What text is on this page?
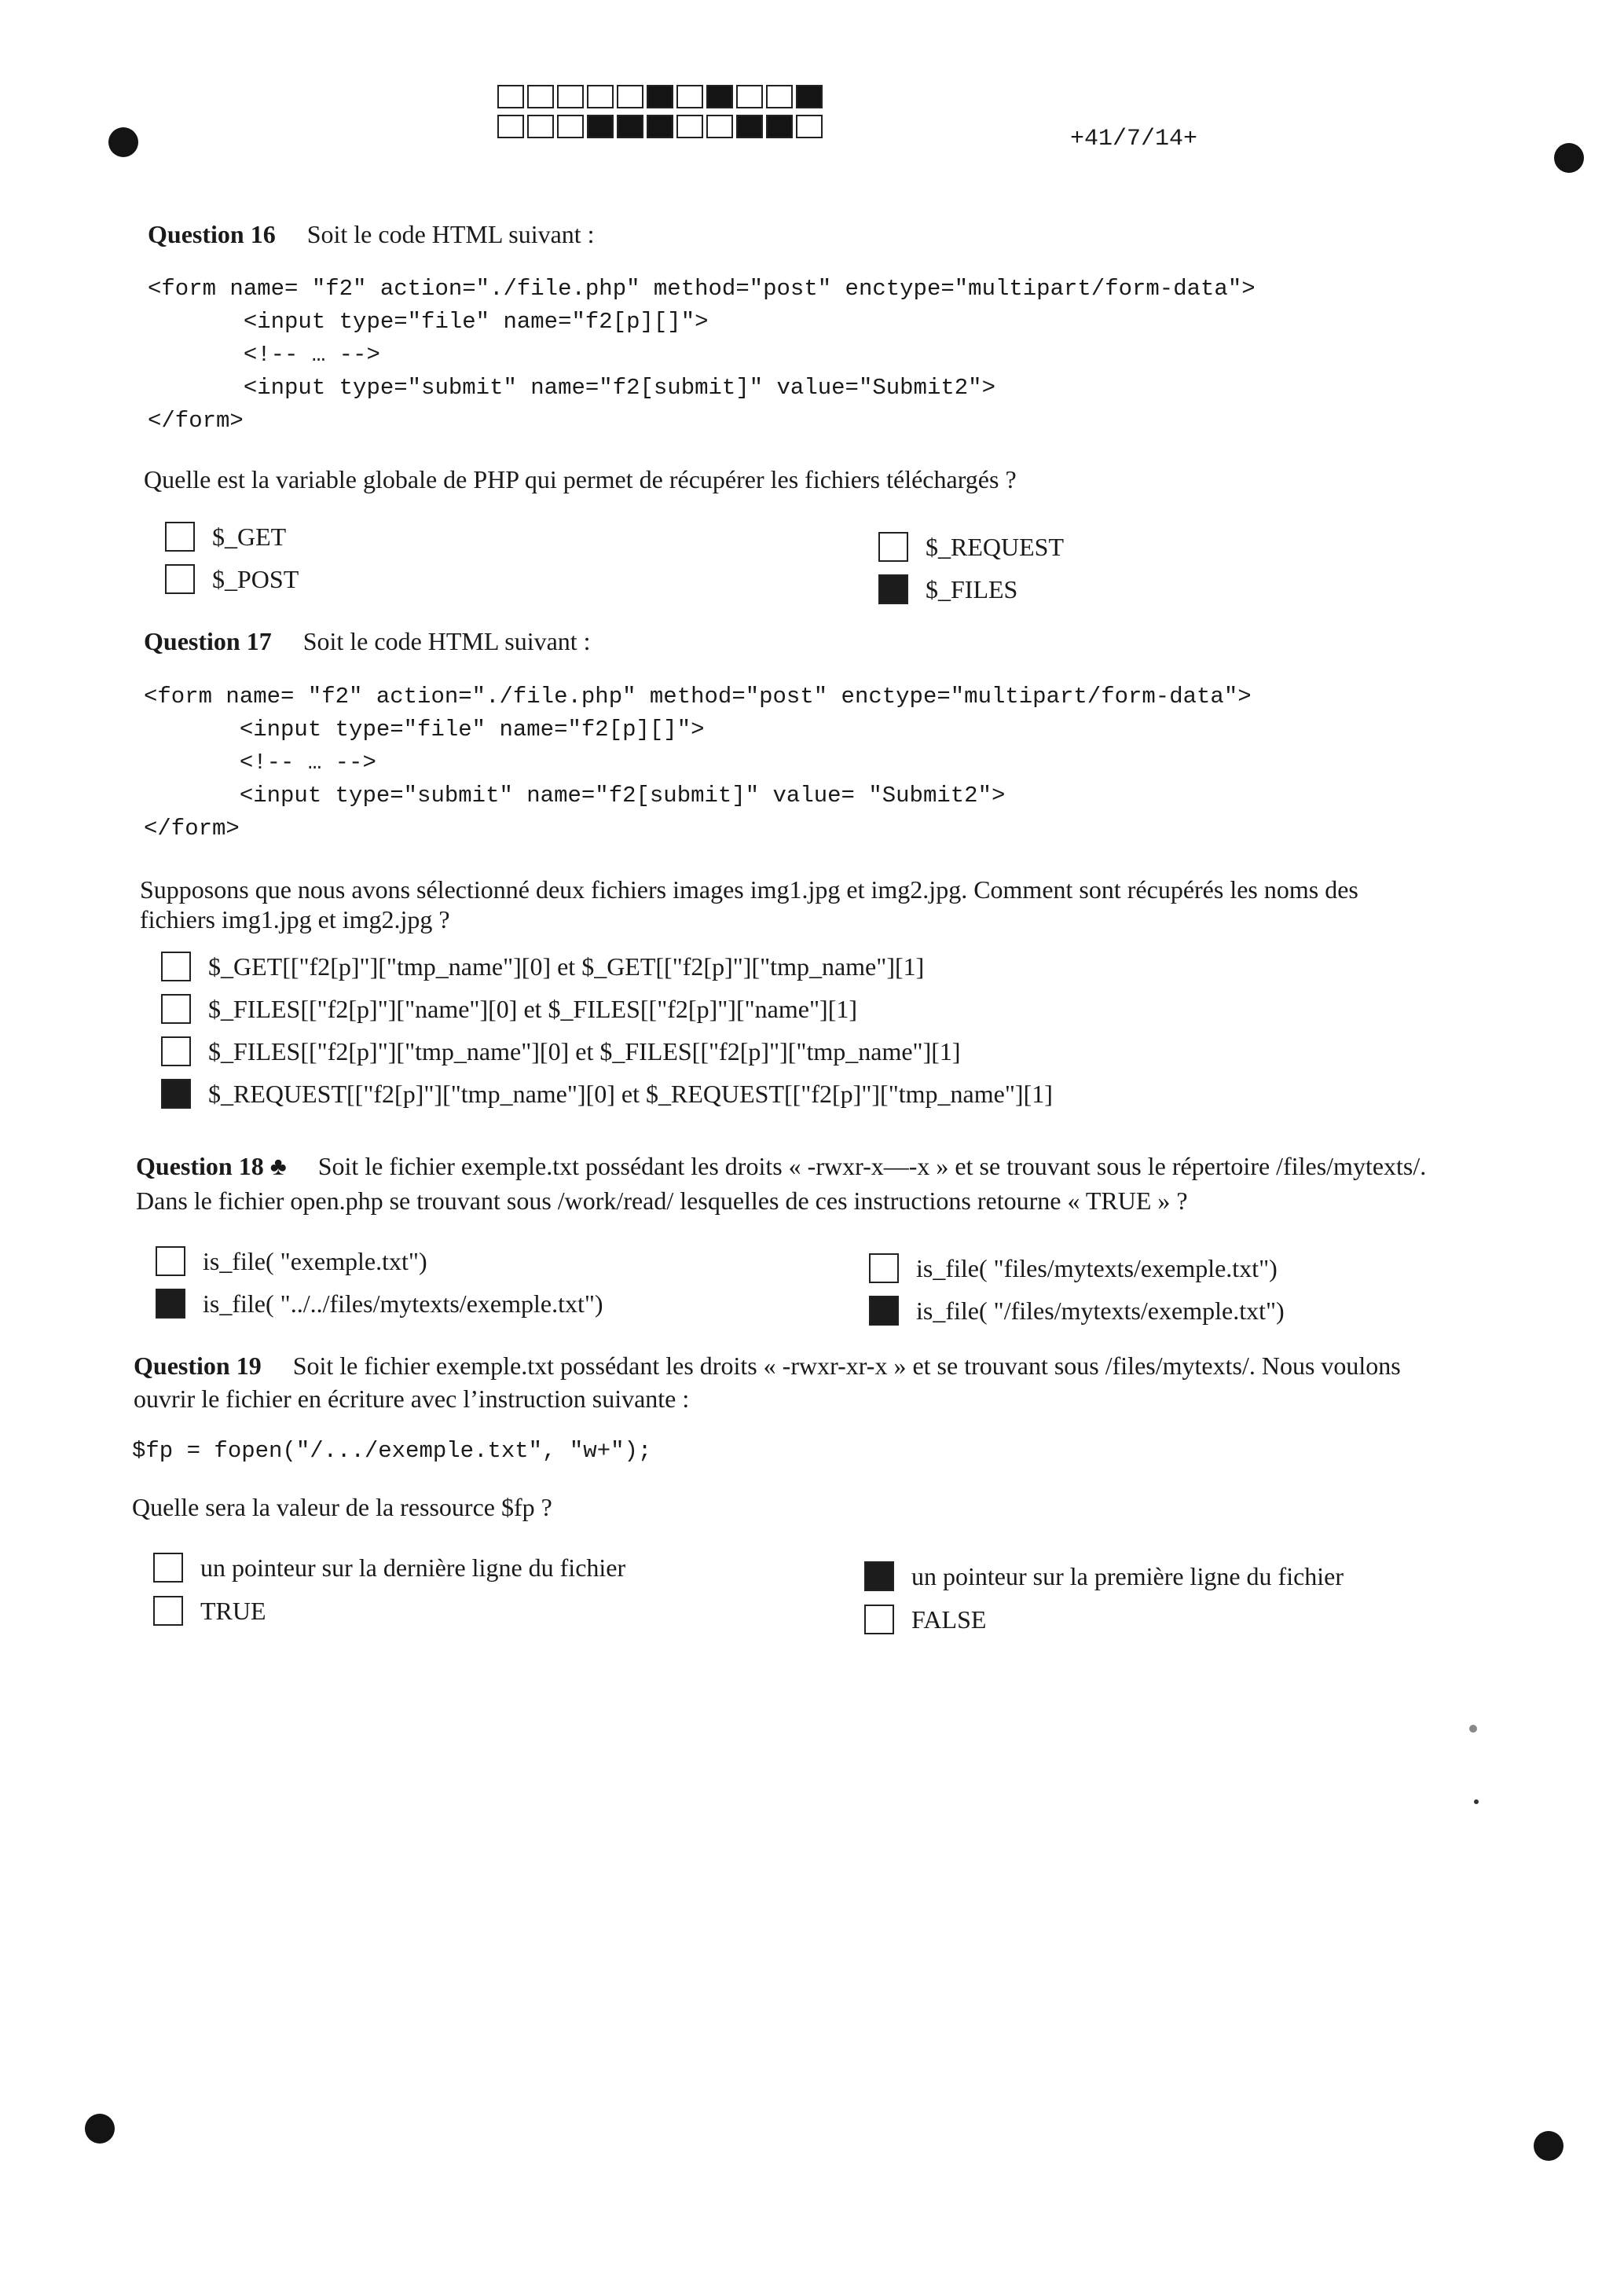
+41/7/14+
Question 16 Soit le code HTML suivant :
<form name= "f2" action="./file.php" method="post" enctype="multipart/form-data">
<input type="file" name="f2[p][]">
<!-- … -->
<input type="submit" name="f2[submit]" value="Submit2">
</form>
Quelle est la variable globale de PHP qui permet de récupérer les fichiers téléchargés ?
$_GET
$_POST
$_REQUEST
$_FILES
Question 17 Soit le code HTML suivant :
<form name= "f2" action="./file.php" method="post" enctype="multipart/form-data">
<input type="file" name="f2[p][]">
<!-- … -->
<input type="submit" name="f2[submit]" value= "Submit2">
</form>
Supposons que nous avons sélectionné deux fichiers images img1.jpg et img2.jpg. Comment sont récupérés les noms des
fichiers img1.jpg et img2.jpg ?
$_GET[["f2[p]"]["tmp_name"][0] et $_GET[["f2[p]"]["tmp_name"][1]
$_FILES[["f2[p]"]["name"][0] et $_FILES[["f2[p]"]["name"][1]
$_FILES[["f2[p]"]["tmp_name"][0] et $_FILES[["f2[p]"]["tmp_name"][1]
$_REQUEST[["f2[p]"]["tmp_name"][0] et $_REQUEST[["f2[p]"]["tmp_name"][1]
Question 18 ♣ Soit le fichier exemple.txt possédant les droits « -rwxr-x—-x » et se trouvant sous le répertoire /files/mytexts/.
Dans le fichier open.php se trouvant sous /work/read/ lesquelles de ces instructions retourne « TRUE » ?
is_file( "exemple.txt")
is_file( "../../files/mytexts/exemple.txt")
is_file( "files/mytexts/exemple.txt")
is_file( "/files/mytexts/exemple.txt")
Question 19 Soit le fichier exemple.txt possédant les droits « -rwxr-xr-x » et se trouvant sous /files/mytexts/. Nous voulons
ouvrir le fichier en écriture avec l’instruction suivante :
$fp = fopen("/.../exemple.txt", "w+");
Quelle sera la valeur de la ressource $fp ?
un pointeur sur la dernière ligne du fichier
TRUE
un pointeur sur la première ligne du fichier
FALSE
